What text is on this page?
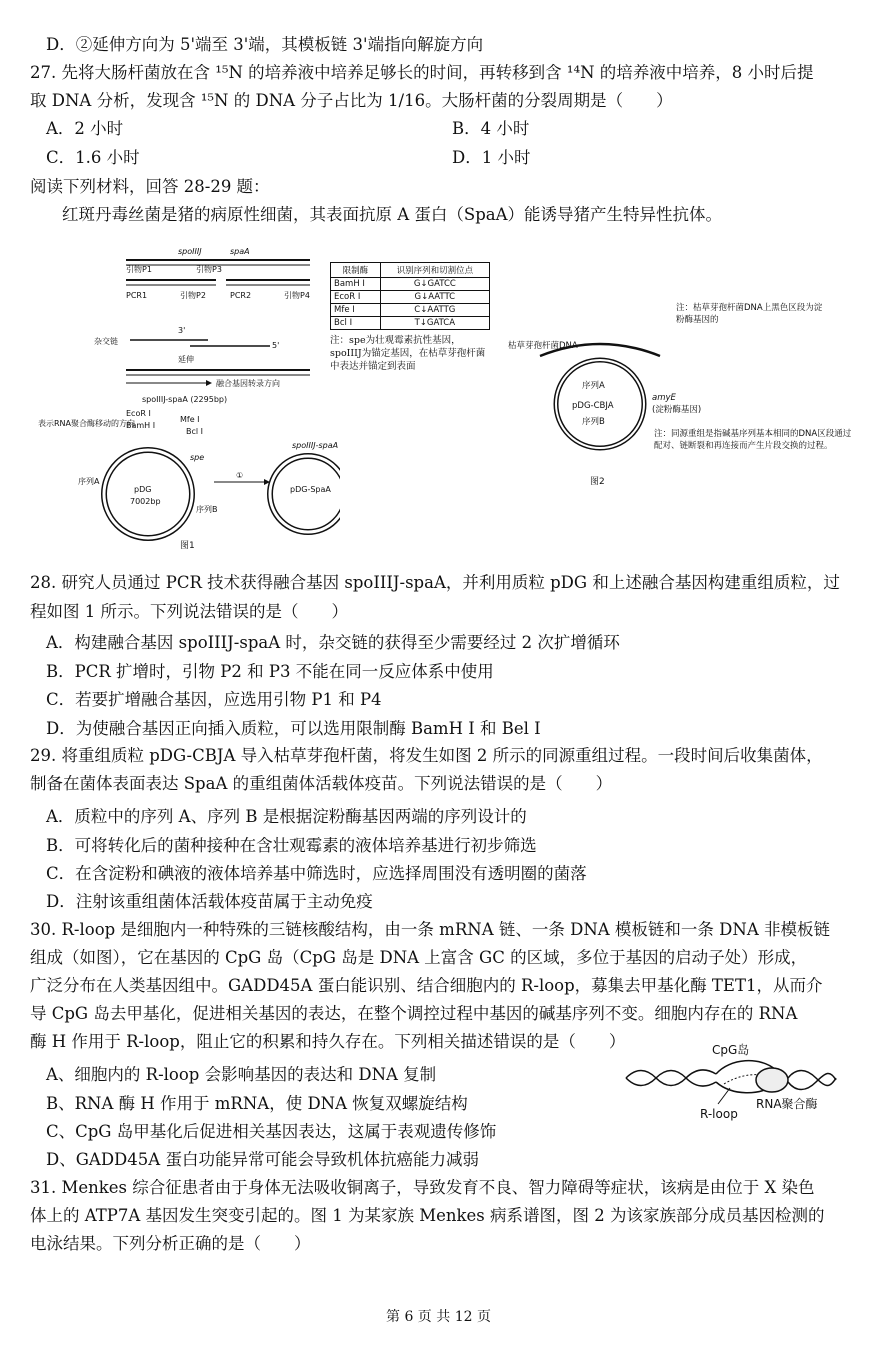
D．②延伸方向为 5'端至 3'端，其模板链 3'端指向解旋方向
27. 先将大肠杆菌放在含 ¹⁵N 的培养液中培养足够长的时间，再转移到含 ¹⁴N 的培养液中培养，8 小时后提
取 DNA 分析，发现含 ¹⁵N 的 DNA 分子占比为 1/16。大肠杆菌的分裂周期是（　　）
A．2 小时	B．4 小时
C．1.6 小时	D．1 小时
阅读下列材料，回答 28-29 题：
红斑丹毒丝菌是猪的病原性细菌，其表面抗原 A 蛋白（SpaA）能诱导猪产生特异性抗体。
spoIIIJ	spaA
引物P1	引物P3
PCR1	引物P2	PCR2	引物P4
杂交链
3'
5'
延伸
融合基因转录方向
spoIIIJ-spaA (2295bp)
表示RNA聚合酶移动的方向
EcoR I
BamH I
Mfe I
Bcl I
pDG
7002bp
序列A
序列B
spe
①
pDG-SpaA
spoIIIJ-spaA
图1
限制酶	识别序列和切割位点
BamH I	G↓GATCC
EcoR I	G↓AATTC
Mfe I	C↓AATTG
Bcl I	T↓GATCA
注：spe为壮观霉素抗性基因，spoIIIJ为锚定基因，在枯草芽孢杆菌中表达并锚定到表面
枯草芽孢杆菌DNA
注：枯草芽孢杆菌DNA上黑色区段为淀粉酶基因的
序列A
pDG-CBJA
序列B
amyE
(淀粉酶基因)
图2
注：同源重组是指碱基序列基本相同的DNA区段通过配对、链断裂和再连接而产生片段交换的过程。
28. 研究人员通过 PCR 技术获得融合基因 spoIIIJ-spaA，并利用质粒 pDG 和上述融合基因构建重组质粒，过
程如图 1 所示。下列说法错误的是（　　）
A．构建融合基因 spoIIIJ-spaA 时，杂交链的获得至少需要经过 2 次扩增循环
B．PCR 扩增时，引物 P2 和 P3 不能在同一反应体系中使用
C．若要扩增融合基因，应选用引物 P1 和 P4
D．为使融合基因正向插入质粒，可以选用限制酶 BamH I 和 Bel I
29. 将重组质粒 pDG-CBJA 导入枯草芽孢杆菌，将发生如图 2 所示的同源重组过程。一段时间后收集菌体，
制备在菌体表面表达 SpaA 的重组菌体活载体疫苗。下列说法错误的是（　　）
A．质粒中的序列 A、序列 B 是根据淀粉酶基因两端的序列设计的
B．可将转化后的菌种接种在含壮观霉素的液体培养基进行初步筛选
C．在含淀粉和碘液的液体培养基中筛选时，应选择周围没有透明圈的菌落
D．注射该重组菌体活载体疫苗属于主动免疫
30. R-loop 是细胞内一种特殊的三链核酸结构，由一条 mRNA 链、一条 DNA 模板链和一条 DNA 非模板链
组成（如图），它在基因的 CpG 岛（CpG 岛是 DNA 上富含 GC 的区域，多位于基因的启动子处）形成，
广泛分布在人类基因组中。GADD45A 蛋白能识别、结合细胞内的 R-loop，募集去甲基化酶 TET1，从而介
导 CpG 岛去甲基化，促进相关基因的表达，在整个调控过程中基因的碱基序列不变。细胞内存在的 RNA
酶 H 作用于 R-loop，阻止它的积累和持久存在。下列相关描述错误的是（　　）
A、细胞内的 R-loop 会影响基因的表达和 DNA 复制
B、RNA 酶 H 作用于 mRNA，使 DNA 恢复双螺旋结构
C、CpG 岛甲基化后促进相关基因表达，这属于表观遗传修饰
D、GADD45A 蛋白功能异常可能会导致机体抗癌能力减弱
CpG岛
R-loop
RNA聚合酶
31. Menkes 综合征患者由于身体无法吸收铜离子，导致发育不良、智力障碍等症状，该病是由位于 X 染色
体上的 ATP7A 基因发生突变引起的。图 1 为某家族 Menkes 病系谱图，图 2 为该家族部分成员基因检测的
电泳结果。下列分析正确的是（　　）
第 6 页 共 12 页
